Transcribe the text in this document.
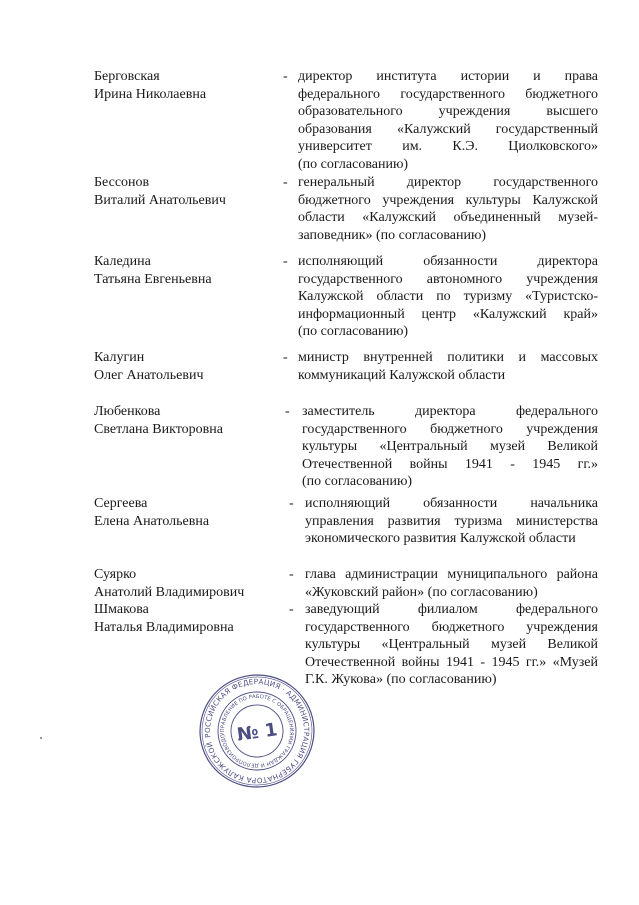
Берговская
Ирина Николаевна
- директор института истории и права
федерального государственного бюджетного
образовательного учреждения высшего
образования «Калужский государственный
университет им. К.Э. Циолковского»
(по согласованию)
Бессонов
Виталий Анатольевич
- генеральный директор государственного
бюджетного учреждения культуры Калужской
области «Калужский объединенный музей-
заповедник» (по согласованию)
Каледина
Татьяна Евгеньевна
- исполняющий обязанности директора
государственного автономного учреждения
Калужской области по туризму «Туристско-
информационный центр «Калужский край»
(по согласованию)
Калугин
Олег Анатольевич
- министр внутренней политики и массовых
коммуникаций Калужской области
Любенкова
Светлана Викторовна
- заместитель директора федерального
государственного бюджетного учреждения
культуры «Центральный музей Великой
Отечественной войны 1941 - 1945 гг.»
(по согласованию)
Сергеева
Елена Анатольевна
- исполняющий обязанности начальника
управления развития туризма министерства
экономического развития Калужской области
Суярко
Анатолий Владимирович
- глава администрации муниципального района
«Жуковский район» (по согласованию)
Шмакова
Наталья Владимировна
- заведующий филиалом федерального
государственного бюджетного учреждения
культуры «Центральный музей Великой
Отечественной войны 1941 - 1945 гг.» «Музей
Г.К. Жукова» (по согласованию)
РОССИЙСКАЯ ФЕДЕРАЦИЯ · АДМИНИСТРАЦИЯ ГУБЕРНАТОРА КАЛУЖСКОЙ
УПРАВЛЕНИЕ ПО РАБОТЕ С ОБРАЩЕНИЯМИ ГРАЖДАН И ДЕЛОПРОИЗВОДСТВУ
№ 1
